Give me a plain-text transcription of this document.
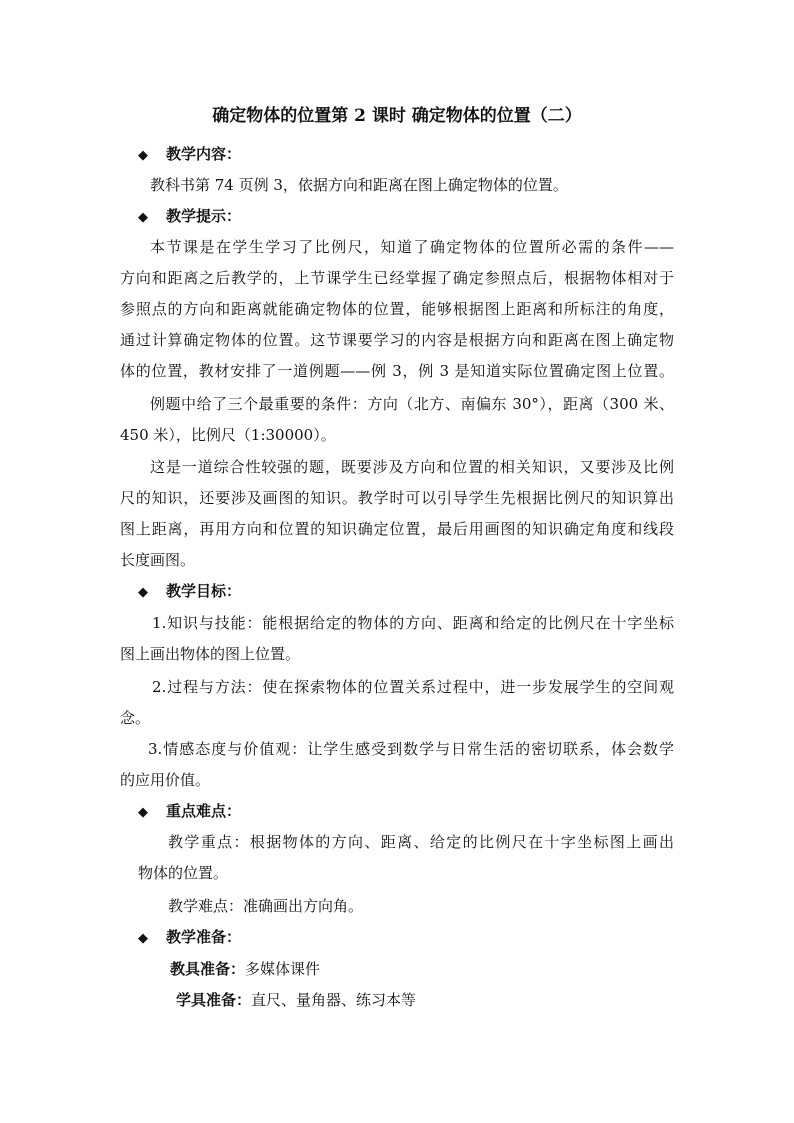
确定物体的位置第 2 课时 确定物体的位置（二）
◆ 教学内容：
教科书第 74 页例 3，依据方向和距离在图上确定物体的位置。
◆ 教学提示：
本节课是在学生学习了比例尺，知道了确定物体的位置所必需的条件——
方向和距离之后教学的，上节课学生已经掌握了确定参照点后，根据物体相对于
参照点的方向和距离就能确定物体的位置，能够根据图上距离和所标注的角度，
通过计算确定物体的位置。这节课要学习的内容是根据方向和距离在图上确定物
体的位置，教材安排了一道例题——例 3，例 3 是知道实际位置确定图上位置。
例题中给了三个最重要的条件：方向（北方、南偏东 30°），距离（300 米、
450 米），比例尺（1:30000）。
这是一道综合性较强的题，既要涉及方向和位置的相关知识，又要涉及比例
尺的知识，还要涉及画图的知识。教学时可以引导学生先根据比例尺的知识算出
图上距离，再用方向和位置的知识确定位置，最后用画图的知识确定角度和线段
长度画图。
◆ 教学目标：
1.知识与技能：能根据给定的物体的方向、距离和给定的比例尺在十字坐标
图上画出物体的图上位置。
2.过程与方法：使在探索物体的位置关系过程中，进一步发展学生的空间观
念。
3.情感态度与价值观：让学生感受到数学与日常生活的密切联系，体会数学
的应用价值。
◆ 重点难点：
教学重点：根据物体的方向、距离、给定的比例尺在十字坐标图上画出
物体的位置。
教学难点：准确画出方向角。
◆ 教学准备：
教具准备：多媒体课件
学具准备：直尺、量角器、练习本等
